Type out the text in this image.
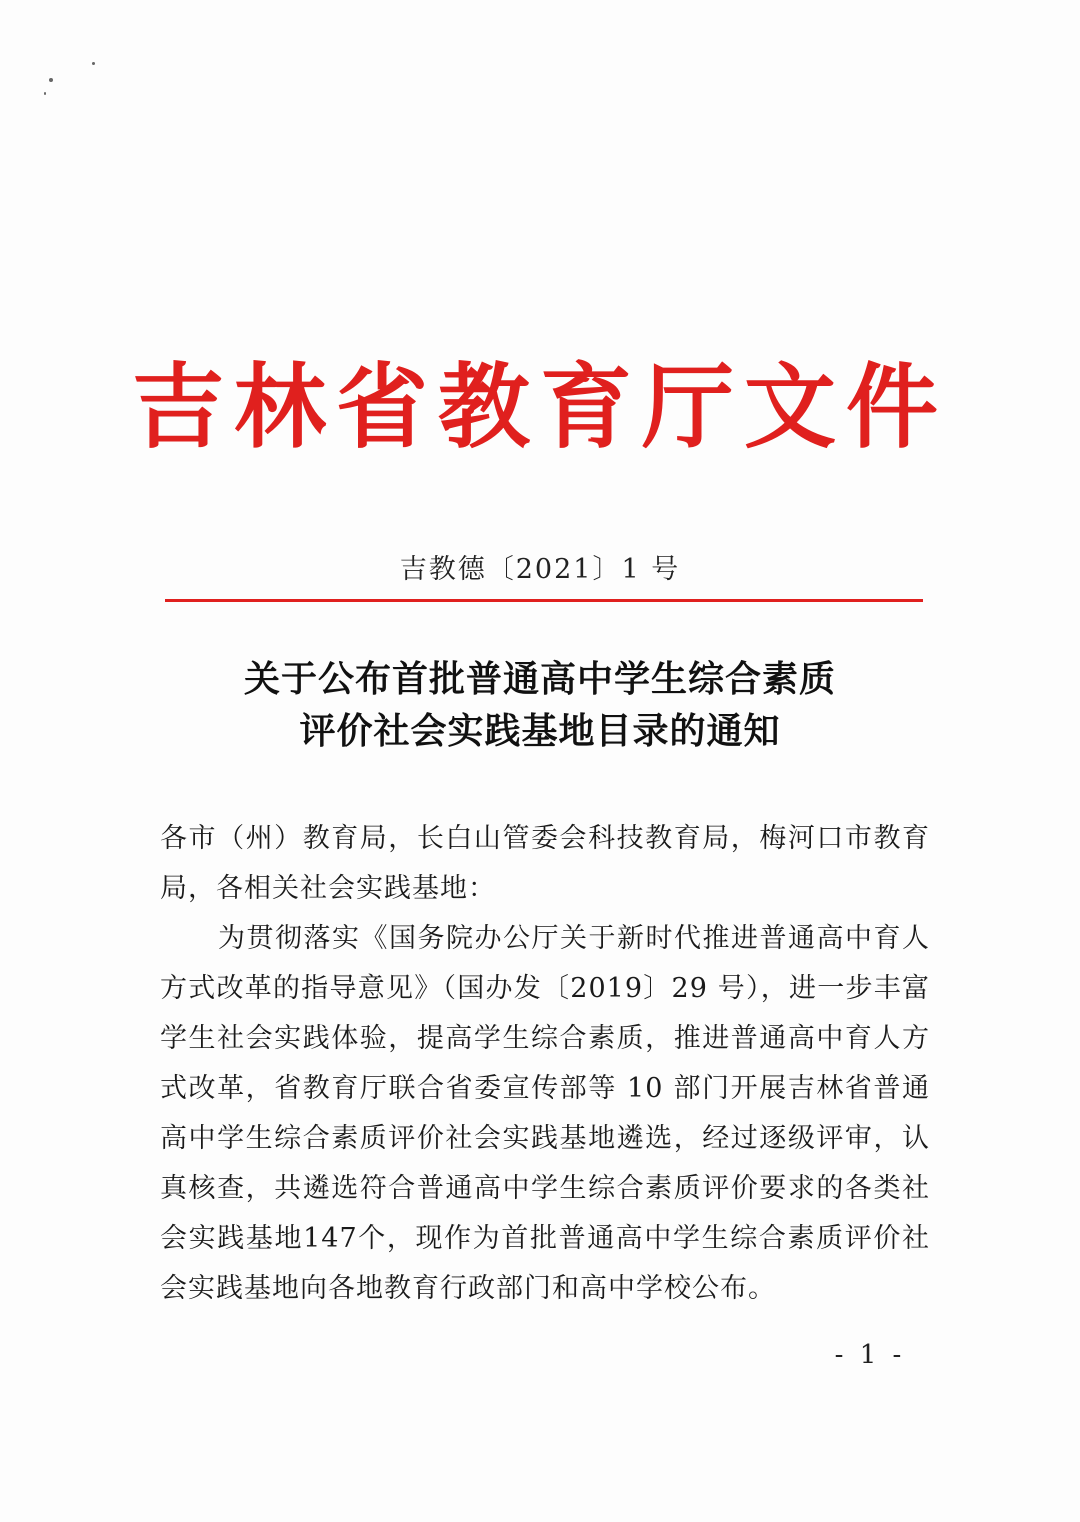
吉林省教育厅文件
吉教德〔2021〕1 号
关于公布首批普通高中学生综合素质
评价社会实践基地目录的通知

各市（州）教育局，长白山管委会科技教育局，梅河口市教育局，各相关社会实践基地：

为贯彻落实《国务院办公厅关于新时代推进普通高中育人方式改革的指导意见》（国办发〔2019〕29 号），进一步丰富学生社会实践体验，提高学生综合素质，推进普通高中育人方式改革，省教育厅联合省委宣传部等 10 部门开展吉林省普通高中学生综合素质评价社会实践基地遴选，经过逐级评审，认真核查，共遴选符合普通高中学生综合素质评价要求的各类社会实践基地147个，现作为首批普通高中学生综合素质评价社会实践基地向各地教育行政部门和高中学校公布。

- 1 -
